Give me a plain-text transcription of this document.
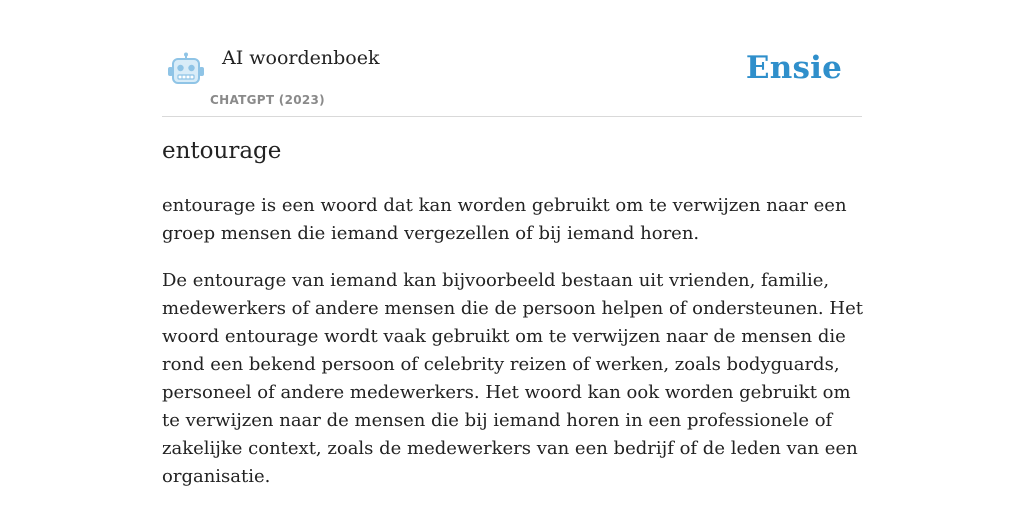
AI woordenboek
CHATGPT (2023)
Ensie
entourage

entourage is een woord dat kan worden gebruikt om te verwijzen naar een groep mensen die iemand vergezellen of bij iemand horen.

De entourage van iemand kan bijvoorbeeld bestaan uit vrienden, familie, medewerkers of andere mensen die de persoon helpen of ondersteunen. Het woord entourage wordt vaak gebruikt om te verwijzen naar de mensen die rond een bekend persoon of celebrity reizen of werken, zoals bodyguards, personeel of andere medewerkers. Het woord kan ook worden gebruikt om te verwijzen naar de mensen die bij iemand horen in een professionele of zakelijke context, zoals de medewerkers van een bedrijf of de leden van een organisatie.
